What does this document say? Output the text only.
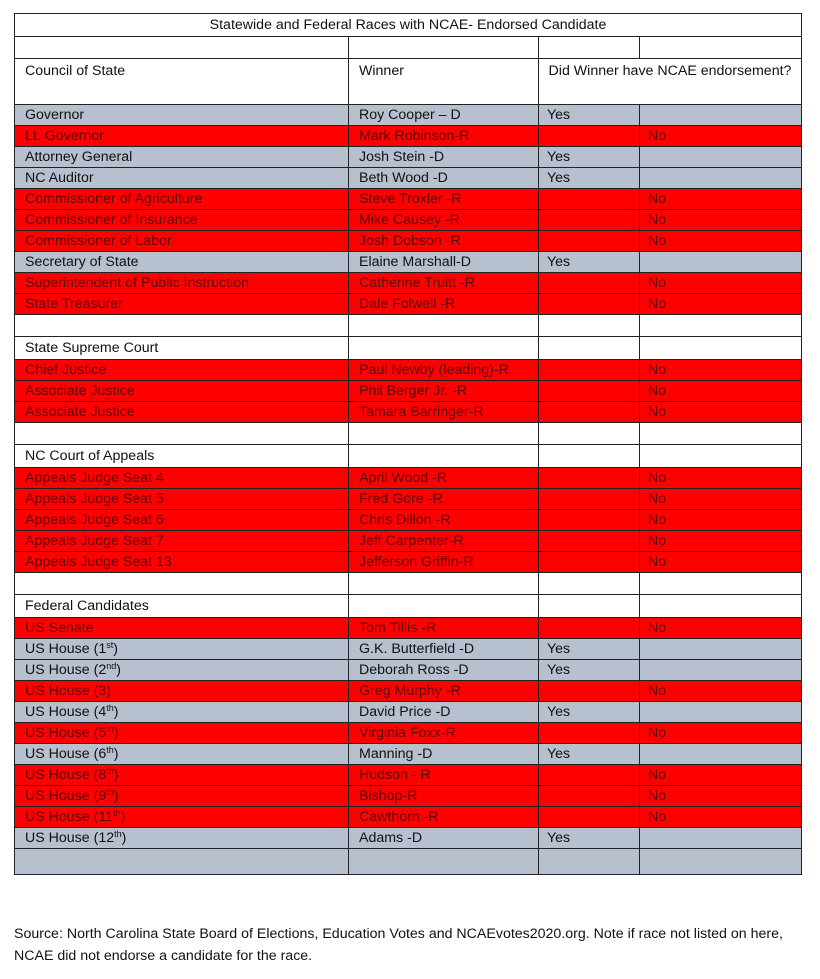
Statewide and Federal Races with NCAE- Endorsed Candidate			

Council of State	Winner	Did Winner have NCAE endorsement?	
Governor	Roy Cooper – D	Yes	
Lt. Governor	Mark Robinson-R		No
Attorney General	Josh Stein -D	Yes	
NC Auditor	Beth Wood -D	Yes	
Commissioner of Agriculture	Steve Troxler -R		No
Commissioner of Insurance	Mike Causey -R		No
Commissioner of Labor	Josh Dobson -R		No
Secretary of State	Elaine Marshall-D	Yes	
Superintendent of Public Instruction	Catherine Truitt -R		No
State Treasurer	Dale Folwell -R		No

State Supreme Court			
Chief Justice	Paul Newby (leading)-R		No
Associate Justice	Phil Berger Jr. -R		No
Associate Justice	Tamara Barringer-R		No

NC Court of Appeals			
Appeals Judge Seat 4	April Wood -R		No
Appeals Judge Seat 5	Fred Gore -R		No
Appeals Judge Seat 6	Chris Dillon -R		No
Appeals Judge Seat 7	Jeff Carpenter-R		No
Appeals Judge Seat 13	Jefferson Griffin-R		No

Federal Candidates			
US Senate	Tom Tillis -R		No
US House (1st)	G.K. Butterfield -D	Yes	
US House (2nd)	Deborah Ross -D	Yes	
US House (3)	Greg Murphy -R		No
US House (4th)	David Price -D	Yes	
US House (5th)	Virginia Foxx-R		No
US House (6th)	Manning -D	Yes	
US House (8th)	Hudson - R		No
US House (9th)	Bishop-R		No
US House (11th)	Cawthorn -R		No
US House (12th)	Adams -D	Yes	

Source: North Carolina State Board of Elections, Education Votes and NCAEvotes2020.org. Note if race not listed on here, NCAE did not endorse a candidate for the race.
